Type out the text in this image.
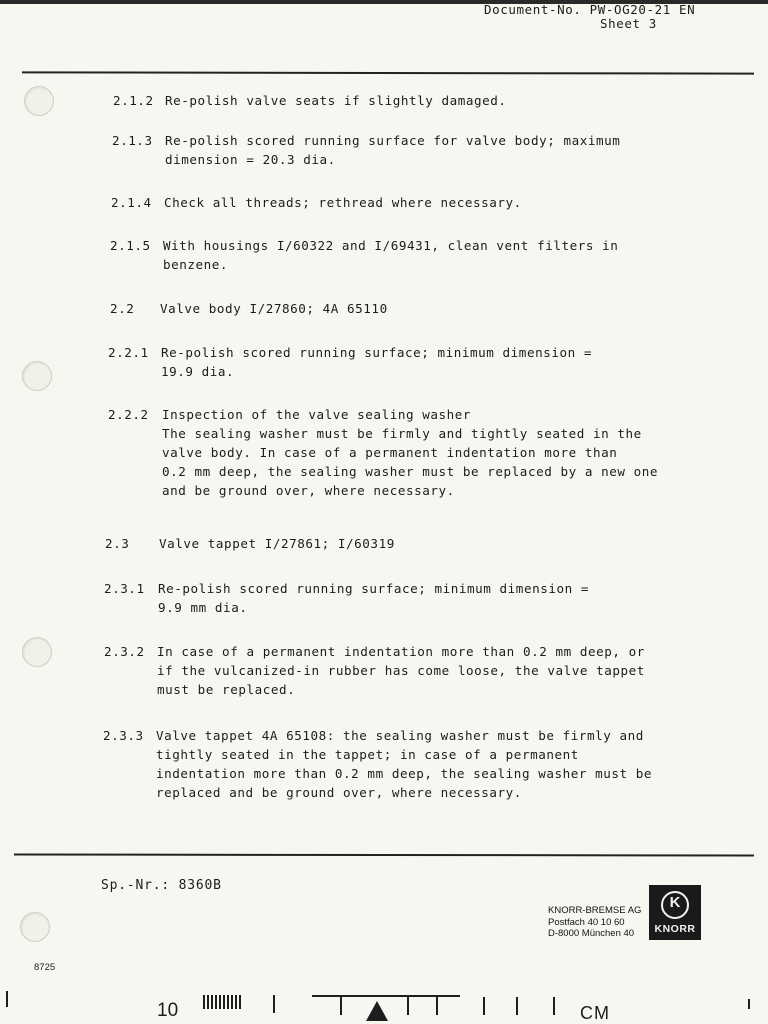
Document-No. PW-OG20-21 EN
Sheet 3
2.1.2 Re-polish valve seats if slightly damaged.
2.1.3 Re-polish scored running surface for valve body; maximum
dimension = 20.3 dia.
2.1.4 Check all threads; rethread where necessary.
2.1.5 With housings I/60322 and I/69431, clean vent filters in
benzene.
2.2 Valve body I/27860; 4A 65110
2.2.1 Re-polish scored running surface; minimum dimension =
19.9 dia.
2.2.2 Inspection of the valve sealing washer
The sealing washer must be firmly and tightly seated in the
valve body. In case of a permanent indentation more than
0.2 mm deep, the sealing washer must be replaced by a new one
and be ground over, where necessary.
2.3 Valve tappet I/27861; I/60319
2.3.1 Re-polish scored running surface; minimum dimension =
9.9 mm dia.
2.3.2 In case of a permanent indentation more than 0.2 mm deep, or
if the vulcanized-in rubber has come loose, the valve tappet
must be replaced.
2.3.3 Valve tappet 4A 65108: the sealing washer must be firmly and
tightly seated in the tappet; in case of a permanent
indentation more than 0.2 mm deep, the sealing washer must be
replaced and be ground over, where necessary.
Sp.-Nr.: 8360B
KNORR-BREMSE AG
Postfach 40 10 60
D-8000 München 40
K
KNORR
8725
10	CM
